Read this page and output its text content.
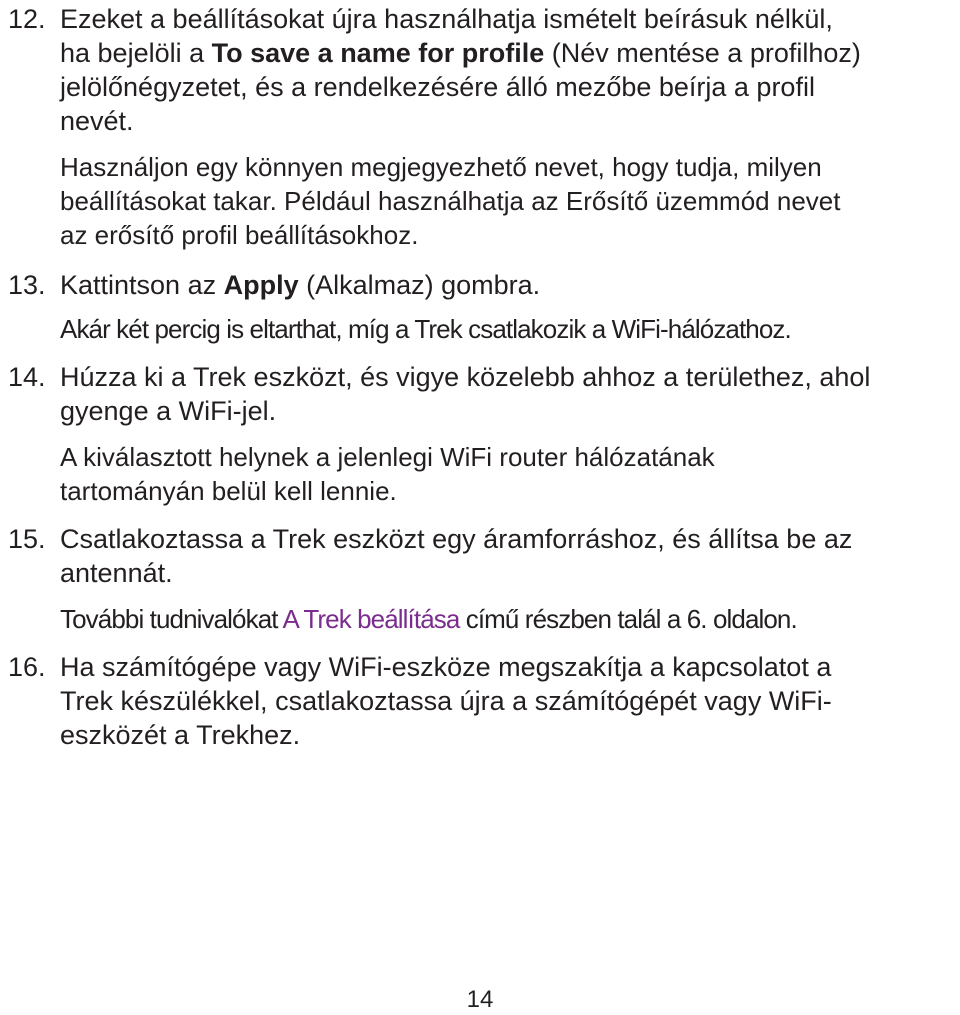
12. Ezeket a beállításokat újra használhatja ismételt beírásuk nélkül,
ha bejelöli a To save a name for profile (Név mentése a profilhoz)
jelölőnégyzetet, és a rendelkezésére álló mezőbe beírja a profil
nevét.
Használjon egy könnyen megjegyezhető nevet, hogy tudja, milyen
beállításokat takar. Például használhatja az Erősítő üzemmód nevet
az erősítő profil beállításokhoz.
13. Kattintson az Apply (Alkalmaz) gombra.
Akár két percig is eltarthat, míg a Trek csatlakozik a WiFi-hálózathoz.
14. Húzza ki a Trek eszközt, és vigye közelebb ahhoz a területhez, ahol
gyenge a WiFi-jel.
A kiválasztott helynek a jelenlegi WiFi router hálózatának
tartományán belül kell lennie.
15. Csatlakoztassa a Trek eszközt egy áramforráshoz, és állítsa be az
antennát.
További tudnivalókat A Trek beállítása című részben talál a 6. oldalon.
16. Ha számítógépe vagy WiFi-eszköze megszakítja a kapcsolatot a
Trek készülékkel, csatlakoztassa újra a számítógépét vagy WiFi-
eszközét a Trekhez.
14
